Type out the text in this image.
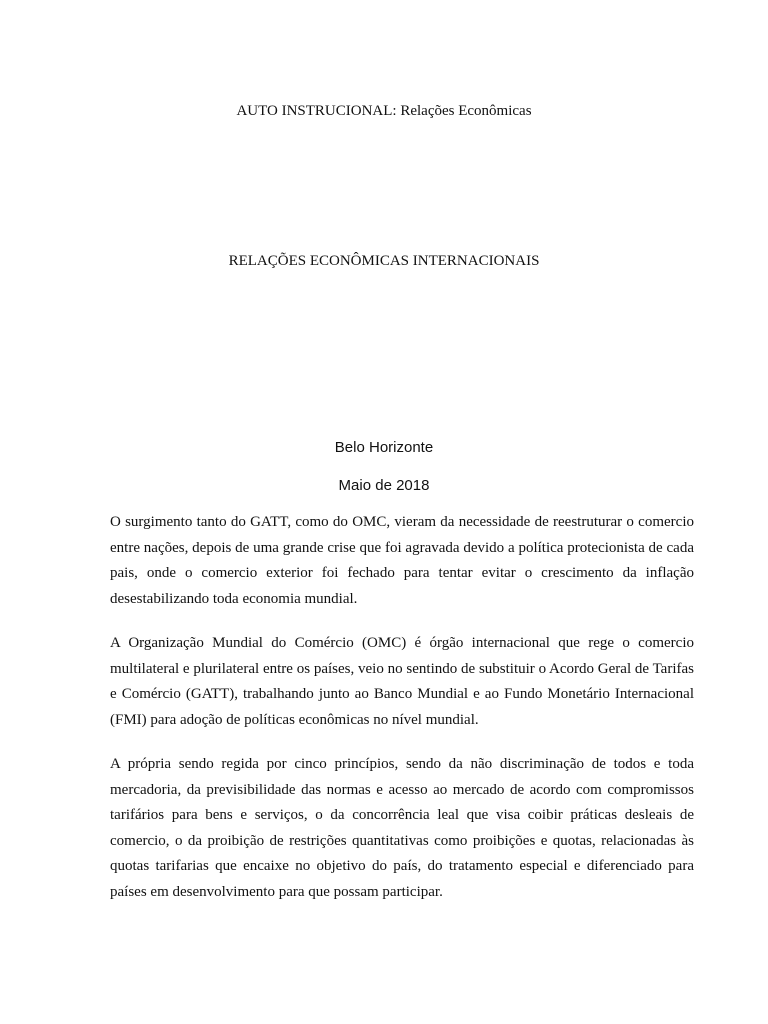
AUTO INSTRUCIONAL: Relações Econômicas
RELAÇÕES ECONÔMICAS INTERNACIONAIS
Belo Horizonte
Maio de 2018

O surgimento tanto do GATT, como do OMC, vieram da necessidade de reestruturar o comercio entre nações, depois de uma grande crise que foi agravada devido a política protecionista de cada pais, onde o comercio exterior foi fechado para tentar evitar o crescimento da inflação desestabilizando toda economia mundial.

A Organização Mundial do Comércio (OMC) é órgão internacional que rege o comercio multilateral e plurilateral entre os países, veio no sentindo de substituir o Acordo Geral de Tarifas e Comércio (GATT), trabalhando junto ao Banco Mundial e ao Fundo Monetário Internacional (FMI) para adoção de políticas econômicas no nível mundial.

A própria sendo regida por cinco princípios, sendo da não discriminação de todos e toda mercadoria, da previsibilidade das normas e acesso ao mercado de acordo com compromissos tarifários para bens e serviços, o da concorrência leal que visa coibir práticas desleais de comercio, o da proibição de restrições quantitativas como proibições e quotas, relacionadas às quotas tarifarias que encaixe no objetivo do país, do tratamento especial e diferenciado para países em desenvolvimento para que possam participar.
